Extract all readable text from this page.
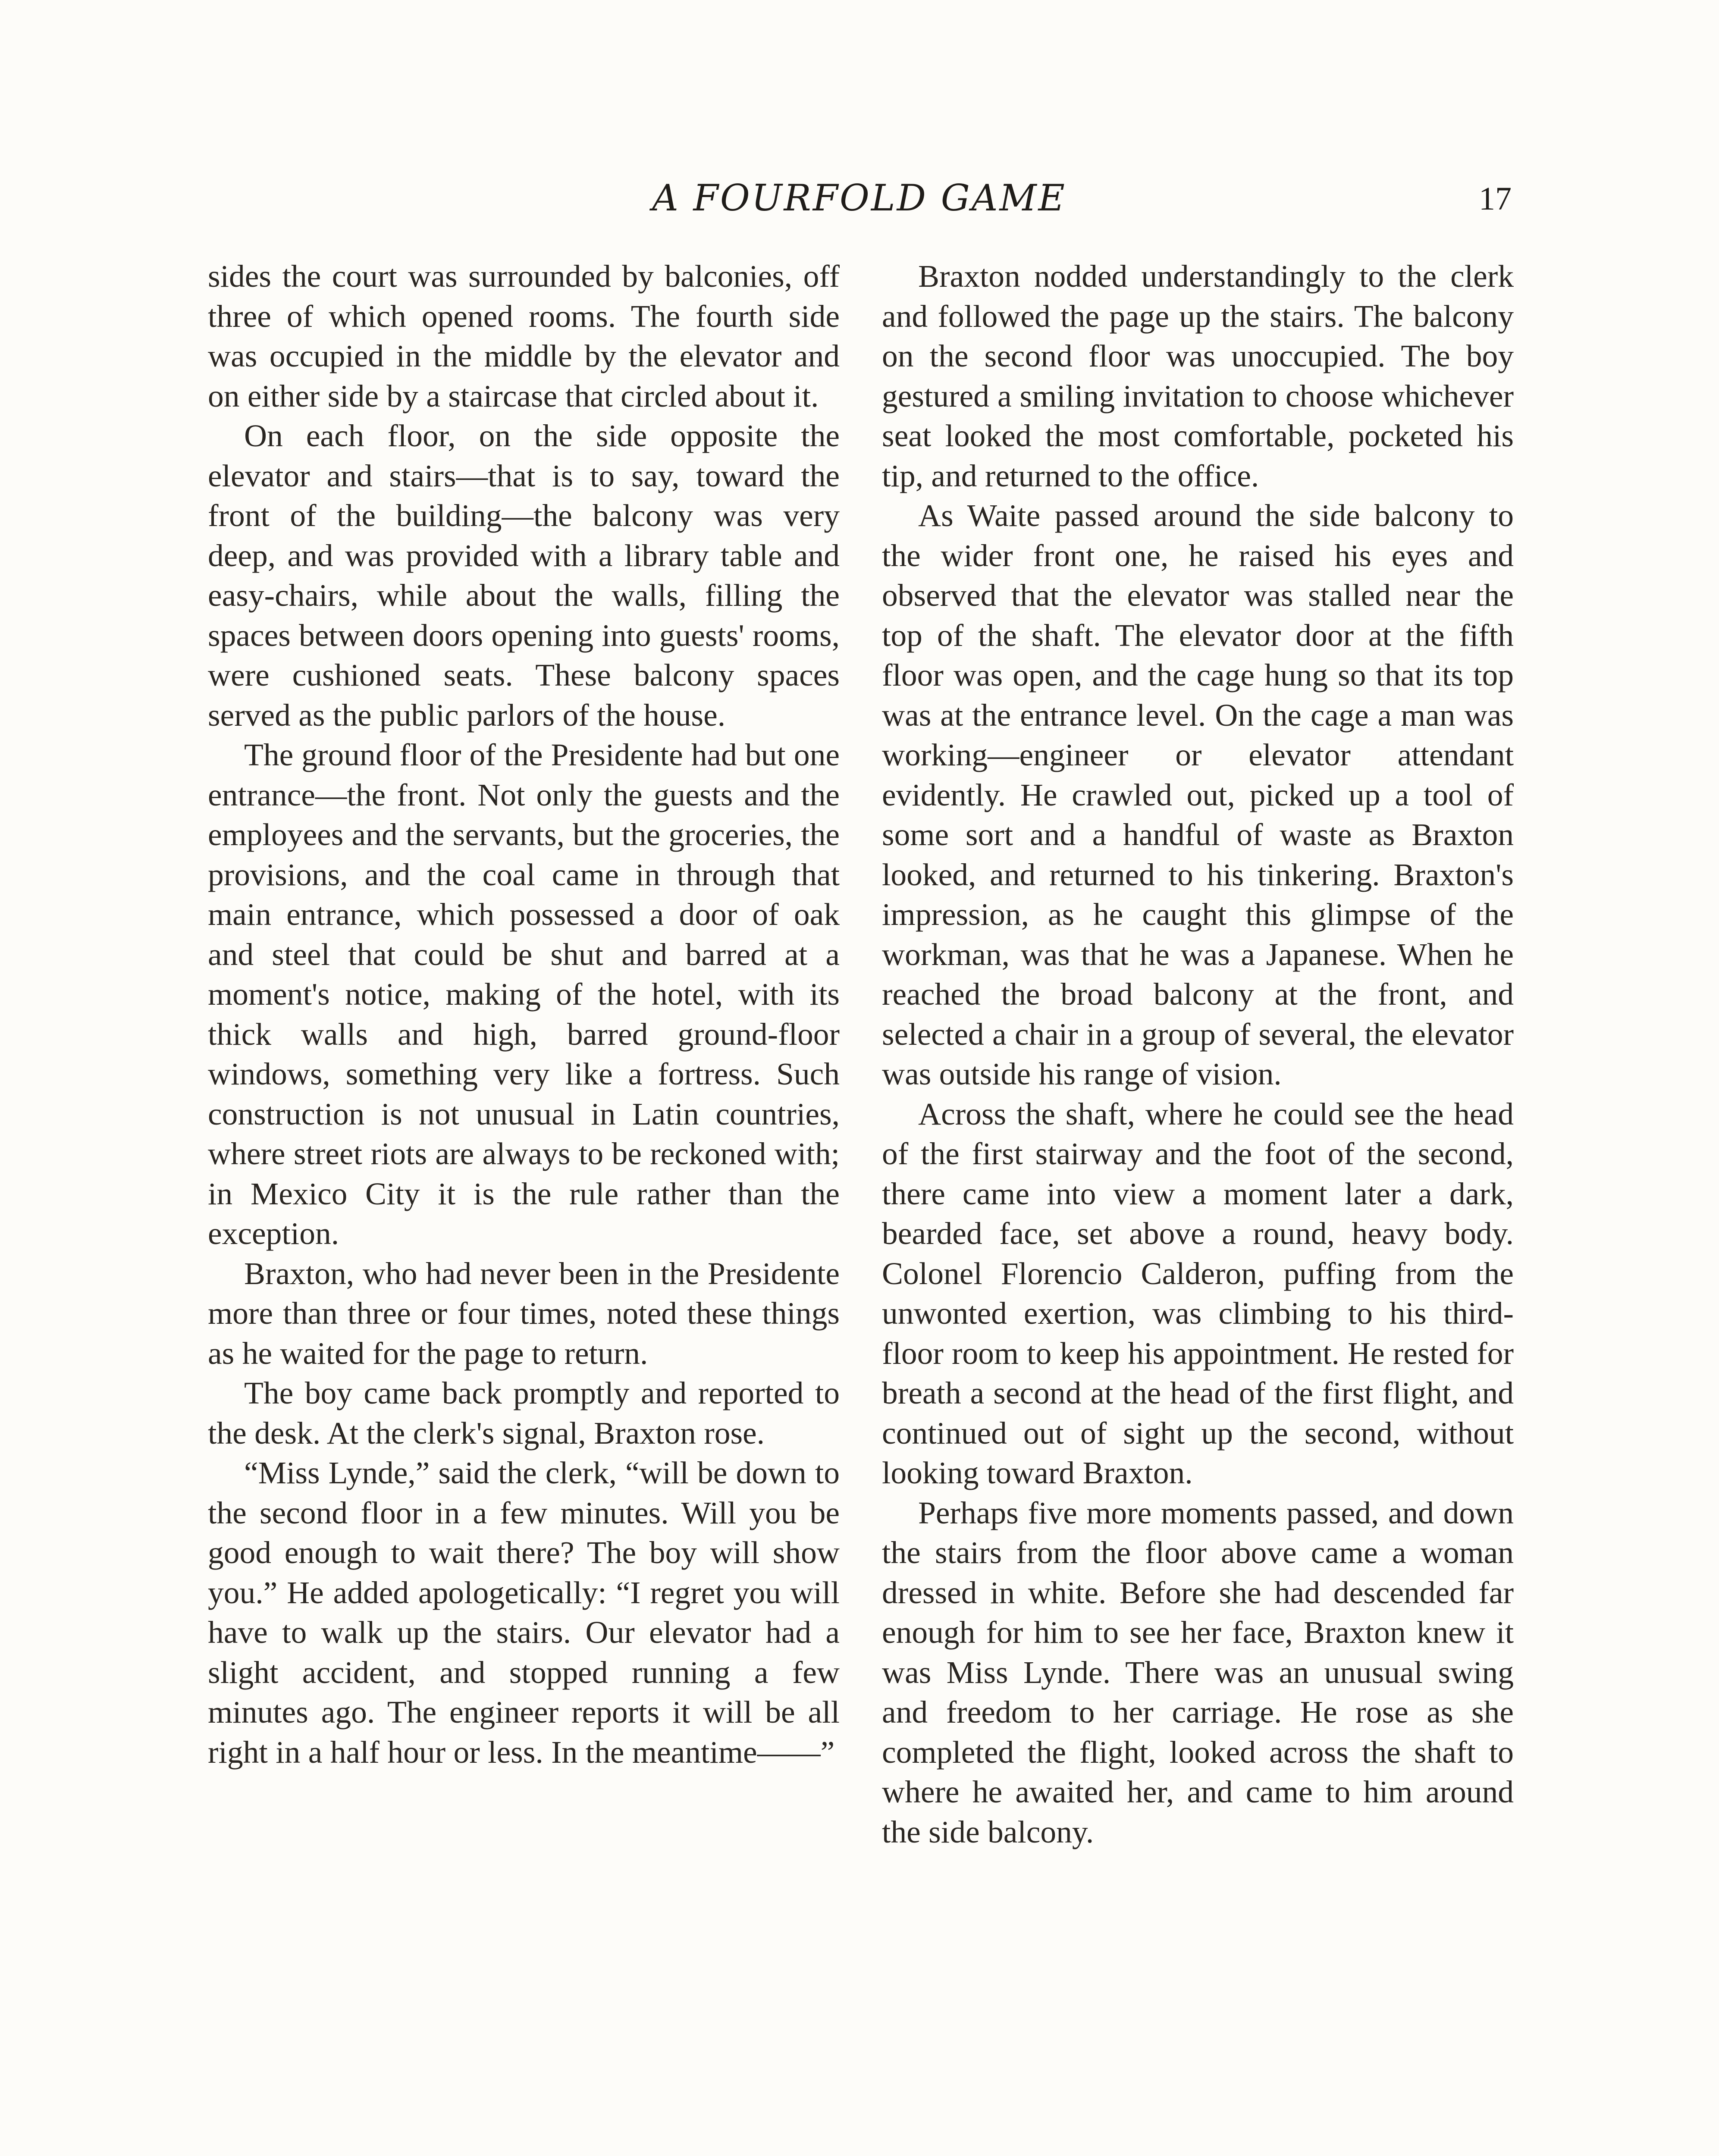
A FOURFOLD GAME	17

sides the court was surrounded by balconies, off three of which opened rooms. The fourth side was occupied in the middle by the elevator and on either side by a staircase that circled about it.

On each floor, on the side opposite the elevator and stairs—that is to say, toward the front of the building—the balcony was very deep, and was provided with a library table and easy-chairs, while about the walls, filling the spaces between doors opening into guests' rooms, were cushioned seats. These balcony spaces served as the public parlors of the house.

The ground floor of the Presidente had but one entrance—the front. Not only the guests and the employees and the servants, but the groceries, the provisions, and the coal came in through that main entrance, which possessed a door of oak and steel that could be shut and barred at a moment's notice, making of the hotel, with its thick walls and high, barred ground-floor windows, something very like a fortress. Such construction is not unusual in Latin countries, where street riots are always to be reckoned with; in Mexico City it is the rule rather than the exception.

Braxton, who had never been in the Presidente more than three or four times, noted these things as he waited for the page to return.

The boy came back promptly and reported to the desk. At the clerk's signal, Braxton rose.

“Miss Lynde,” said the clerk, “will be down to the second floor in a few minutes. Will you be good enough to wait there? The boy will show you.” He added apologetically: “I regret you will have to walk up the stairs. Our elevator had a slight accident, and stopped running a few minutes ago. The engineer reports it will be all right in a half hour or less. In the meantime——”

Braxton nodded understandingly to the clerk and followed the page up the stairs. The balcony on the second floor was unoccupied. The boy gestured a smiling invitation to choose whichever seat looked the most comfortable, pocketed his tip, and returned to the office.

As Waite passed around the side balcony to the wider front one, he raised his eyes and observed that the elevator was stalled near the top of the shaft. The elevator door at the fifth floor was open, and the cage hung so that its top was at the entrance level. On the cage a man was working—engineer or elevator attendant evidently. He crawled out, picked up a tool of some sort and a handful of waste as Braxton looked, and returned to his tinkering. Braxton's impression, as he caught this glimpse of the workman, was that he was a Japanese. When he reached the broad balcony at the front, and selected a chair in a group of several, the elevator was outside his range of vision.

Across the shaft, where he could see the head of the first stairway and the foot of the second, there came into view a moment later a dark, bearded face, set above a round, heavy body. Colonel Florencio Calderon, puffing from the unwonted exertion, was climbing to his third-floor room to keep his appointment. He rested for breath a second at the head of the first flight, and continued out of sight up the second, without looking toward Braxton.

Perhaps five more moments passed, and down the stairs from the floor above came a woman dressed in white. Before she had descended far enough for him to see her face, Braxton knew it was Miss Lynde. There was an unusual swing and freedom to her carriage. He rose as she completed the flight, looked across the shaft to where he awaited her, and came to him around the side balcony.
